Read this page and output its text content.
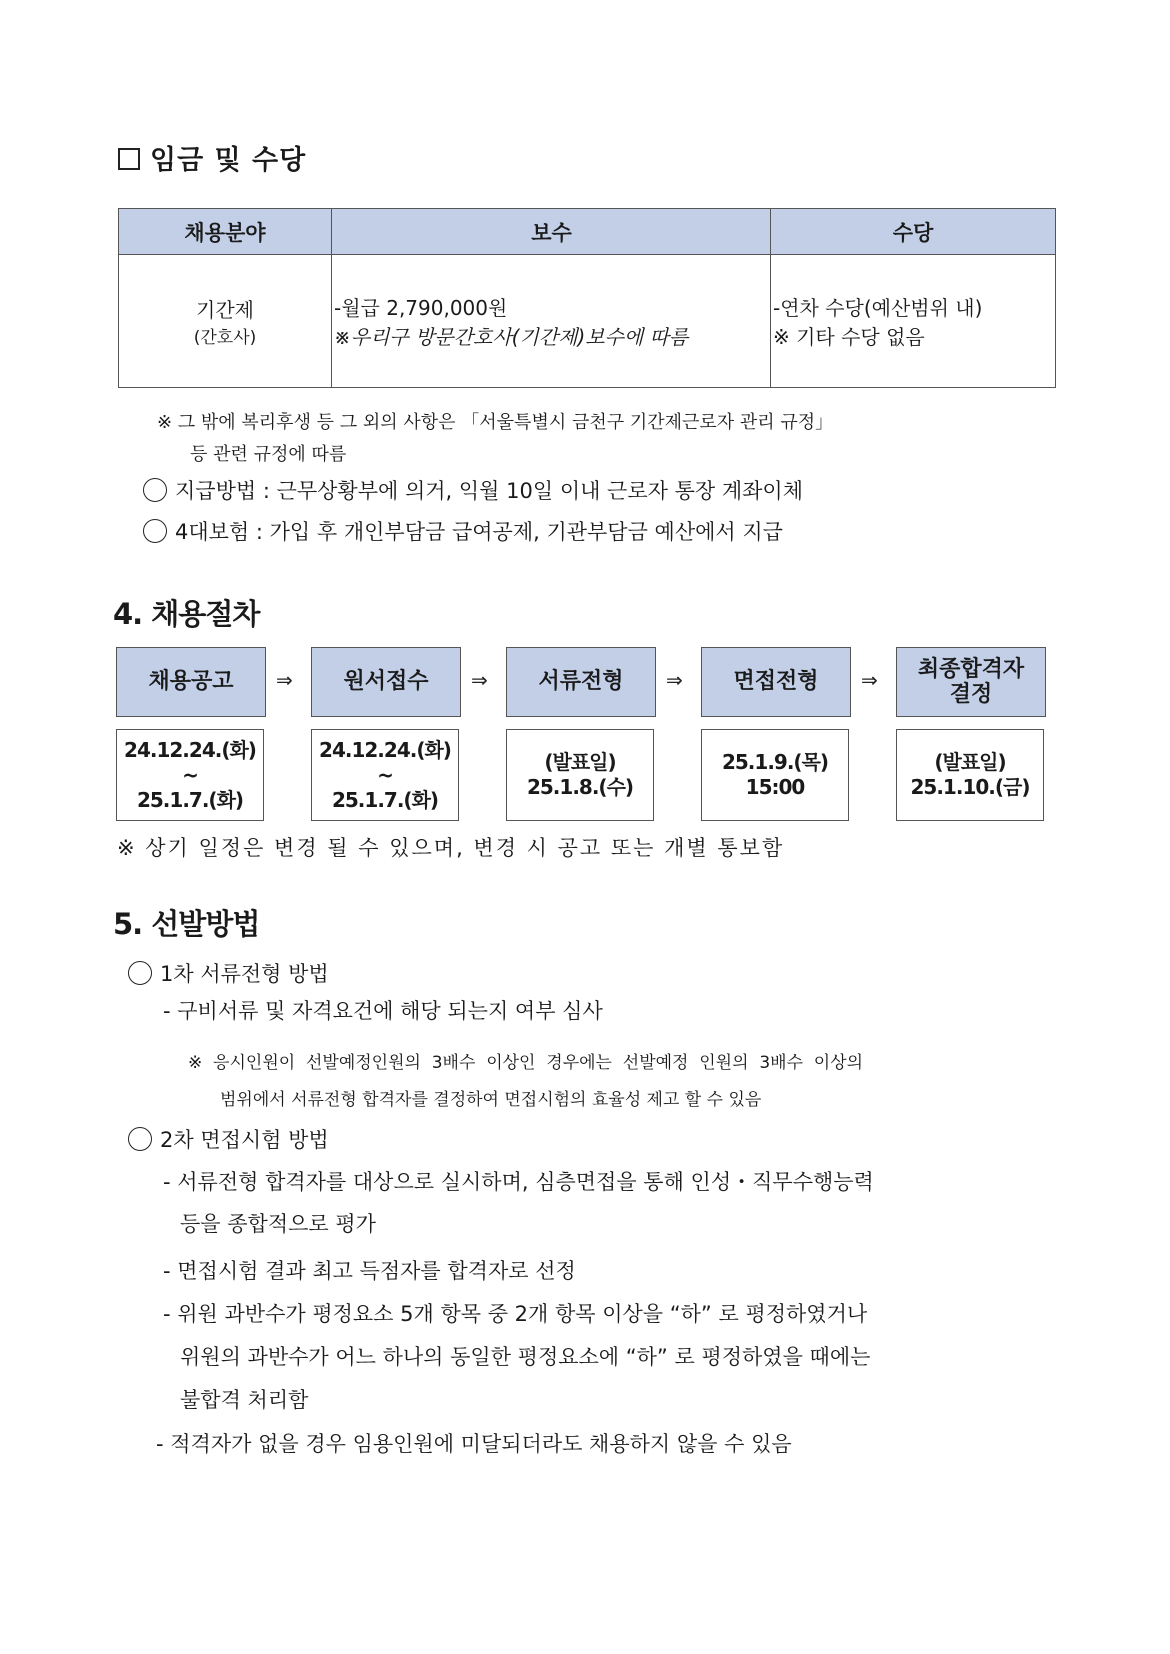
임금 및 수당
채용분야	보수	수당

기간제
(간호사)

-월급 2,790,000원
※우리구 방문간호사(기간제)보수에 따름

-연차 수당(예산범위 내)
※ 기타 수당 없음
※ 그 밖에 복리후생 등 그 외의 사항은 「서울특별시 금천구 기간제근로자 관리 규정」
등 관련 규정에 따름
지급방법 : 근무상황부에 의거, 익월 10일 이내 근로자 통장 계좌이체
4대보험 : 가입 후 개인부담금 급여공제, 기관부담금 예산에서 지급
4. 채용절차
채용공고 ⇒ 원서접수 ⇒ 서류전형 ⇒ 면접전형 ⇒ 최종합격자
결정
24.12.24.(화)
~
25.1.7.(화)
24.12.24.(화)
~
25.1.7.(화)
(발표일)
25.1.8.(수)
25.1.9.(목)
15:00
(발표일)
25.1.10.(금)
※ 상기 일정은 변경 될 수 있으며, 변경 시 공고 또는 개별 통보함
5. 선발방법
1차 서류전형 방법
- 구비서류 및 자격요건에 해당 되는지 여부 심사
※  응시인원이  선발예정인원의  3배수  이상인  경우에는  선발예정  인원의  3배수  이상의
범위에서 서류전형 합격자를 결정하여 면접시험의 효율성 제고 할 수 있음
2차 면접시험 방법
- 서류전형 합격자를 대상으로 실시하며, 심층면접을 통해 인성・직무수행능력
등을 종합적으로 평가
- 면접시험 결과 최고 득점자를 합격자로 선정
- 위원 과반수가 평정요소 5개 항목 중 2개 항목 이상을 “하” 로 평정하였거나
위원의 과반수가 어느 하나의 동일한 평정요소에 “하” 로 평정하였을 때에는
불합격 처리함
- 적격자가 없을 경우 임용인원에 미달되더라도 채용하지 않을 수 있음
